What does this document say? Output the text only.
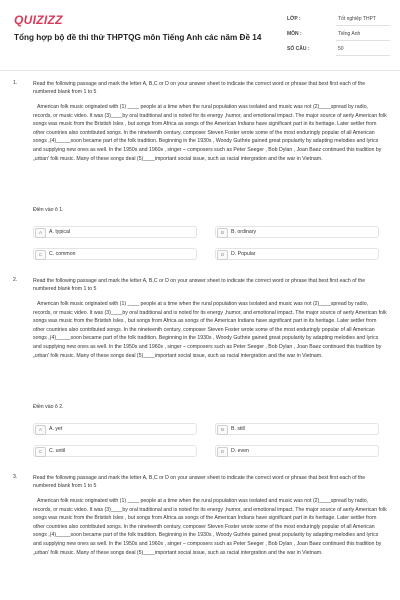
QUIZIZZ
Tổng hợp bộ đề thi thử THPTQG môn Tiếng Anh các năm Đề 14
LỚP :	Tốt nghiệp THPT
MÔN :	Tiếng Anh
SỐ CÂU :	50
1.	Read the following passage and mark the letter A, B,C or D on your answer sheet to indicate the correct word or phrase that best first each of the numbered blank from 1 to 5

American folk music originated with (1) ____ people at a time when the rural population was isolated and music was not (2)____spread by radio, records, or music video. It was (3)____by oral traditional and is noted for its energy ,humor, and emotional impact. The major source of aerly American folk songs was music from the Bristish Isles , but songs from Africa as songs of the American Indians have significant part in its heritage. Later settler from other countries also contributed songs. In the nineteenth century, composer Steven Foster wrote some of the most enduringly popular of all American songs ,(4)_____soon became part of the folk tradition. Beginning in the 1930s , Woody Guthrie gained great popularity by adapting melodies and lyrics and supplying new ones as well. In the 1950s and 1960s , singer – composers such as Peter Seeger , Bob Dylan , Joan Baez continued this tradition by „urban' folk music. Many of these songs deal (5)____important social issue, such as racial intergration and the war in Vietnam.

Điền vào ô 1.
A	A. typical	B	B. ordinary
C	C. common	D	D. Popular
2.	Read the following passage and mark the letter A, B,C or D on your answer sheet to indicate the correct word or phrase that best first each of the numbered blank from 1 to 5

American folk music originated with (1) ____ people at a time when the rural population was isolated and music was not (2)____spread by radio, records, or music video. It was (3)____by oral traditional and is noted for its energy ,humor, and emotional impact. The major source of aerly American folk songs was music from the Bristish Isles , but songs from Africa as songs of the American Indians have significant part in its heritage. Later settler from other countries also contributed songs. In the nineteenth century, composer Steven Foster wrote some of the most enduringly popular of all American songs ,(4)_____soon became part of the folk tradition. Beginning in the 1930s , Woody Guthrie gained great popularity by adapting melodies and lyrics and supplying new ones as well. In the 1950s and 1960s , singer – composers such as Peter Seeger , Bob Dylan , Joan Baez continued this tradition by „urban' folk music. Many of these songs deal (5)____important social issue, such as racial intergration and the war in Vietnam.

Điền vào ô 2.
A	A. yet	B	B. still
C	C. until	D	D. even
3.	Read the following passage and mark the letter A, B,C or D on your answer sheet to indicate the correct word or phrase that best first each of the numbered blank from 1 to 5

American folk music originated with (1) ____ people at a time when the rural population was isolated and music was not (2)____spread by radio, records, or music video. It was (3)____by oral traditional and is noted for its energy ,humor, and emotional impact. The major source of aerly American folk songs was music from the Bristish Isles , but songs from Africa as songs of the American Indians have significant part in its heritage. Later settler from other countries also contributed songs. In the nineteenth century, composer Steven Foster wrote some of the most enduringly popular of all American songs ,(4)_____soon became part of the folk tradition. Beginning in the 1930s , Woody Guthrie gained great popularity by adapting melodies and lyrics and supplying new ones as well. In the 1950s and 1960s , singer – composers such as Peter Seeger , Bob Dylan , Joan Baez continued this tradition by „urban' folk music. Many of these songs deal (5)____important social issue, such as racial intergration and the war in Vietnam.
